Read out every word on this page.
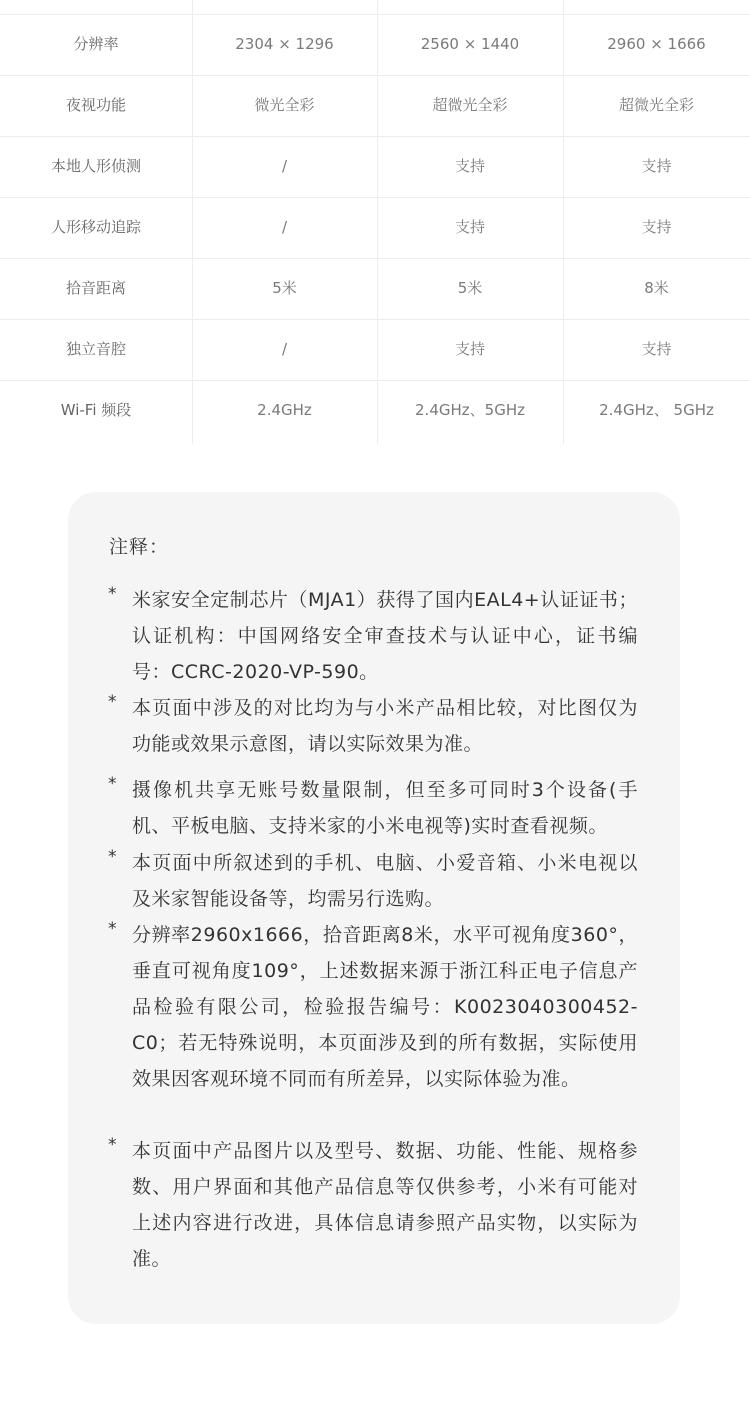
分辨率	2304 × 1296	2560 × 1440	2960 × 1666
夜视功能	微光全彩	超微光全彩	超微光全彩
本地人形侦测	/	支持	支持
人形移动追踪	/	支持	支持
拾音距离	5米	5米	8米
独立音腔	/	支持	支持
Wi-Fi 频段	2.4GHz	2.4GHz、5GHz	2.4GHz、 5GHz
注释：
* 米家安全定制芯片（MJA1）获得了国内EAL4+认证证书；认证机构：中国网络安全审查技术与认证中心，证书编号：CCRC-2020-VP-590。
* 本页面中涉及的对比均为与小米产品相比较，对比图仅为功能或效果示意图，请以实际效果为准。
* 摄像机共享无账号数量限制，但至多可同时3个设备(手机、平板电脑、支持米家的小米电视等)实时查看视频。
* 本页面中所叙述到的手机、电脑、小爱音箱、小米电视以及米家智能设备等，均需另行选购。
* 分辨率2960x1666，拾音距离8米，水平可视角度360°，垂直可视角度109°，上述数据来源于浙江科正电子信息产品检验有限公司，检验报告编号：K0023040300452-C0；若无特殊说明，本页面涉及到的所有数据，实际使用效果因客观环境不同而有所差异，以实际体验为准。
* 本页面中产品图片以及型号、数据、功能、性能、规格参数、用户界面和其他产品信息等仅供参考，小米有可能对上述内容进行改进，具体信息请参照产品实物，以实际为准。
